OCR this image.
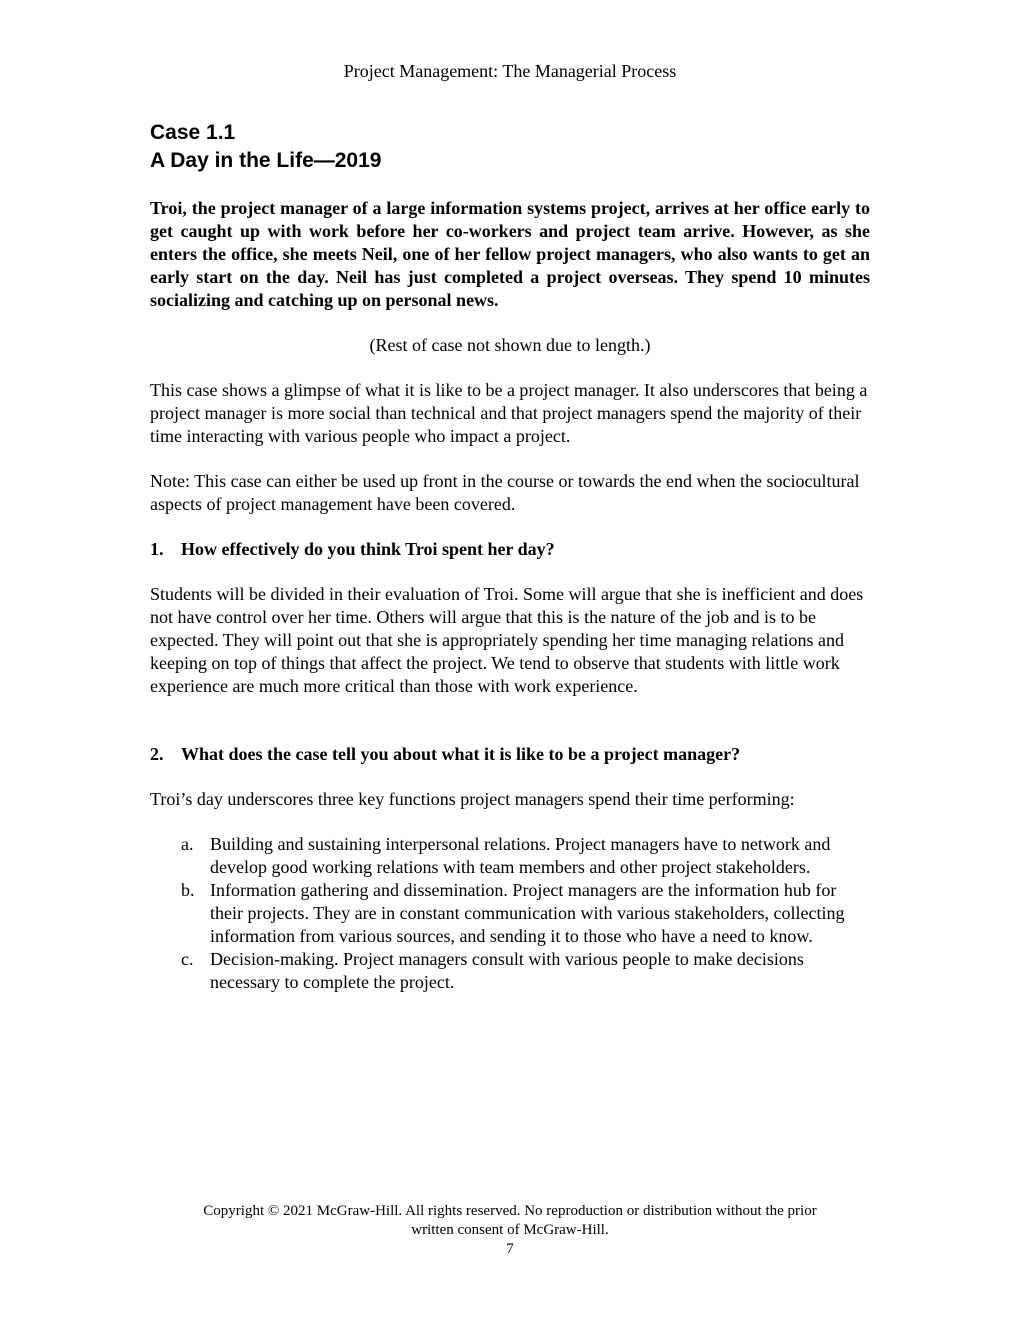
Project Management: The Managerial Process
Case 1.1
A Day in the Life—2019

Troi, the project manager of a large information systems project, arrives at her office early to get caught up with work before her co-workers and project team arrive. However, as she enters the office, she meets Neil, one of her fellow project managers, who also wants to get an early start on the day. Neil has just completed a project overseas. They spend 10 minutes socializing and catching up on personal news.

(Rest of case not shown due to length.)

This case shows a glimpse of what it is like to be a project manager. It also underscores that being a project manager is more social than technical and that project managers spend the majority of their time interacting with various people who impact a project.

Note: This case can either be used up front in the course or towards the end when the sociocultural aspects of project management have been covered.

1. How effectively do you think Troi spent her day?

Students will be divided in their evaluation of Troi. Some will argue that she is inefficient and does not have control over her time. Others will argue that this is the nature of the job and is to be expected. They will point out that she is appropriately spending her time managing relations and keeping on top of things that affect the project. We tend to observe that students with little work experience are much more critical than those with work experience.

2. What does the case tell you about what it is like to be a project manager?

Troi’s day underscores three key functions project managers spend their time performing:

a. Building and sustaining interpersonal relations. Project managers have to network and develop good working relations with team members and other project stakeholders.
b. Information gathering and dissemination. Project managers are the information hub for their projects. They are in constant communication with various stakeholders, collecting information from various sources, and sending it to those who have a need to know.
c. Decision-making. Project managers consult with various people to make decisions necessary to complete the project.
Copyright © 2021 McGraw-Hill. All rights reserved. No reproduction or distribution without the prior
written consent of McGraw-Hill.
7
